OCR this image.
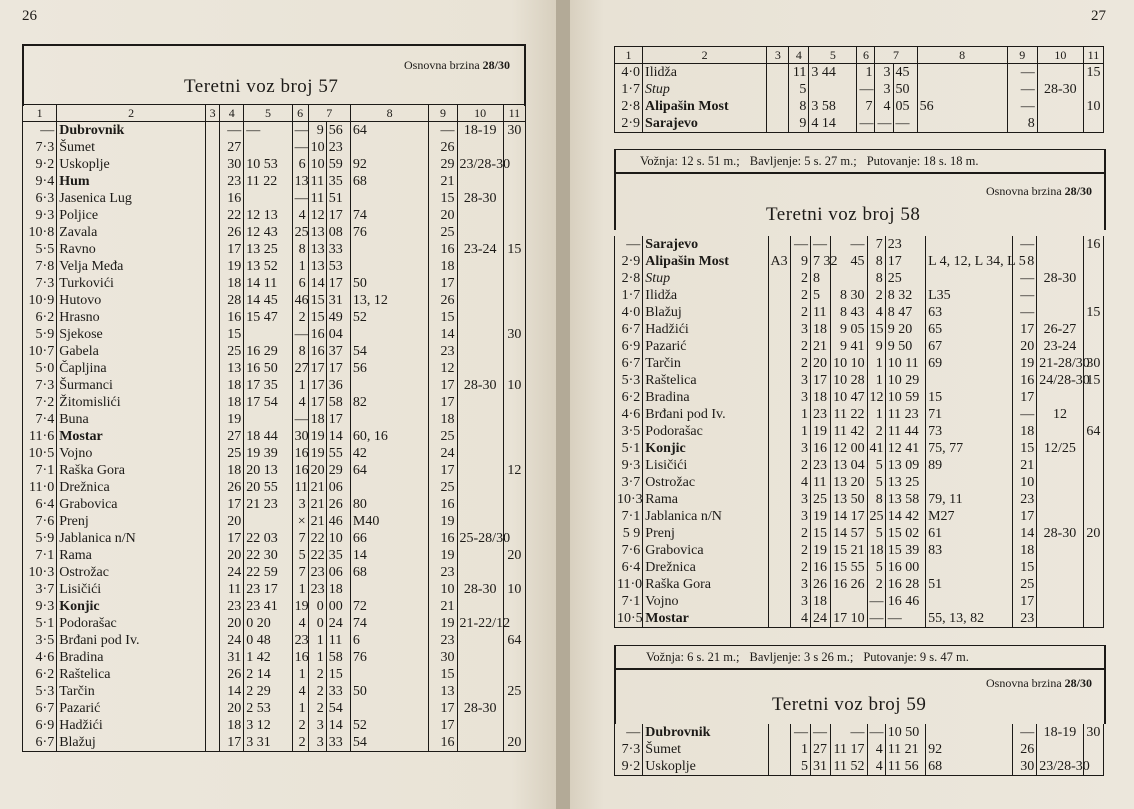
26
Osnovna brzina 28/30
Teretni voz broj 57
1	2	3	4	5	6	7		8	9	10	11
—	Dubrovnik		—	—	—	9	56	64	—	18-19	30
7·3	Šumet		27		—	10	23		26		
9·2	Uskoplje		30	10 53	6	10	59	92	29	23/28-30	
9·4	Hum		23	11 22	13	11	35	68	21		
6·3	Jasenica Lug		16		—	11	51		15	28-30	
9·3	Poljice		22	12 13	4	12	17	74	20		
10·8	Zavala		26	12 43	25	13	08	76	25		
5·5	Ravno		17	13 25	8	13	33		16	23-24	15
7·8	Velja Međa		19	13 52	1	13	53		18		
7·3	Turkovići		18	14 11	6	14	17	50	17		
10·9	Hutovo		28	14 45	46	15	31	13, 12	26		
6·2	Hrasno		16	15 47	2	15	49	52	15		
5·9	Sjekose		15		—	16	04		14		30
10·7	Gabela		25	16 29	8	16	37	54	23		
5·0	Čapljina		13	16 50	27	17	17	56	12		
7·3	Šurmanci		18	17 35	1	17	36		17	28-30	10
7·2	Žitomislići		18	17 54	4	17	58	82	17		
7·4	Buna		19		—	18	17		18		
11·6	Mostar		27	18 44	30	19	14	60, 16	25		
10·5	Vojno		25	19 39	16	19	55	42	24		
7·1	Raška Gora		18	20 13	16	20	29	64	17		12
11·0	Drežnica		26	20 55	11	21	06		25		
6·4	Grabovica		17	21 23	3	21	26	80	16		
7·6	Prenj		20		×	21	46	M40	19		
5·9	Jablanica n/N		17	22 03	7	22	10	66	16	25-28/30	
7·1	Rama		20	22 30	5	22	35	14	19		20
10·3	Ostrožac		24	22 59	7	23	06	68	23		
3·7	Lisičići		11	23 17	1	23	18		10	28-30	10
9·3	Konjic		23	23 41	19	0	00	72	21		
5·1	Podorašac		20	0 20	4	0	24	74	19	21-22/12	
3·5	Brđani pod Iv.		24	0 48	23	1	11	6	23		64
4·6	Bradina		31	1 42	16	1	58	76	30		
6·2	Raštelica		26	2 14	1	2	15		15		
5·3	Tarčin		14	2 29	4	2	33	50	13		25
6·7	Pazarić		20	2 53	1	2	54		17	28-30	
6·9	Hadžići		18	3 12	2	3	14	52	17		
6·7	Blažuj		17	3 31	2	3	33	54	16		20
27
1	2	3	4	5	6	7		8	9	10	11
4·0	Ilidža		11	3 44	1	3	45		—		15
1·7	Stup		5		—	3	50		—	28-30	
2·8	Alipašin Most		8	3 58	7	4	05	56	—		10
2·9	Sarajevo		9	4 14	—	—	—		8		
Vožnja: 12 s. 51 m.; Bavljenje: 5 s. 27 m.; Putovanje: 18 s. 18 m.
Osnovna brzina 28/30
Teretni voz broj 58
—	Sarajevo		—	—	—	7	23		—		16
2·9	Alipašin Most	A3	9	7 32	45	8	17	L 4, 12, L 34, L 5	8		
2·8	Stup		2	8		8	25		—	28-30	
1·7	Ilidža		2	5	8 30	2	8 32	L35	—		
4·0	Blažuj		2	11	8 43	4	8 47	63	—		15
6·7	Hadžići		3	18	9 05	15	9 20	65	17	26-27	
6·9	Pazarić		2	21	9 41	9	9 50	67	20	23-24	
6·7	Tarčin		2	20	10 10	1	10 11	69	19	21-28/30	30
5·3	Raštelica		3	17	10 28	1	10 29		16	24/28-30	15
6·2	Bradina		3	18	10 47	12	10 59	15	17		
4·6	Brđani pod Iv.		1	23	11 22	1	11 23	71	—	12	
3·5	Podorašac		1	19	11 42	2	11 44	73	18		64
5·1	Konjic		3	16	12 00	41	12 41	75, 77	15	12/25	
9·3	Lisičići		2	23	13 04	5	13 09	89	21		
3·7	Ostrožac		4	11	13 20	5	13 25		10		
10·3	Rama		3	25	13 50	8	13 58	79, 11	23		
7·1	Jablanica n/N		3	19	14 17	25	14 42	M27	17		
5 9	Prenj		2	15	14 57	5	15 02	61	14	28-30	20
7·6	Grabovica		2	19	15 21	18	15 39	83	18		
6·4	Drežnica		2	16	15 55	5	16 00		15		
11·0	Raška Gora		3	26	16 26	2	16 28	51	25		
7·1	Vojno		3	18		—	16 46		17		
10·5	Mostar		4	24	17 10	—	—	55, 13, 82	23		
Vožnja: 6 s. 21 m.; Bavljenje: 3 s 26 m.; Putovanje: 9 s. 47 m.
Osnovna brzina 28/30
Teretni voz broj 59
—	Dubrovnik		—	—	—	—	10 50		—	18-19	30
7·3	Šumet		1	27	11 17	4	11 21	92	26		
9·2	Uskoplje		5	31	11 52	4	11 56	68	30	23/28-30	
